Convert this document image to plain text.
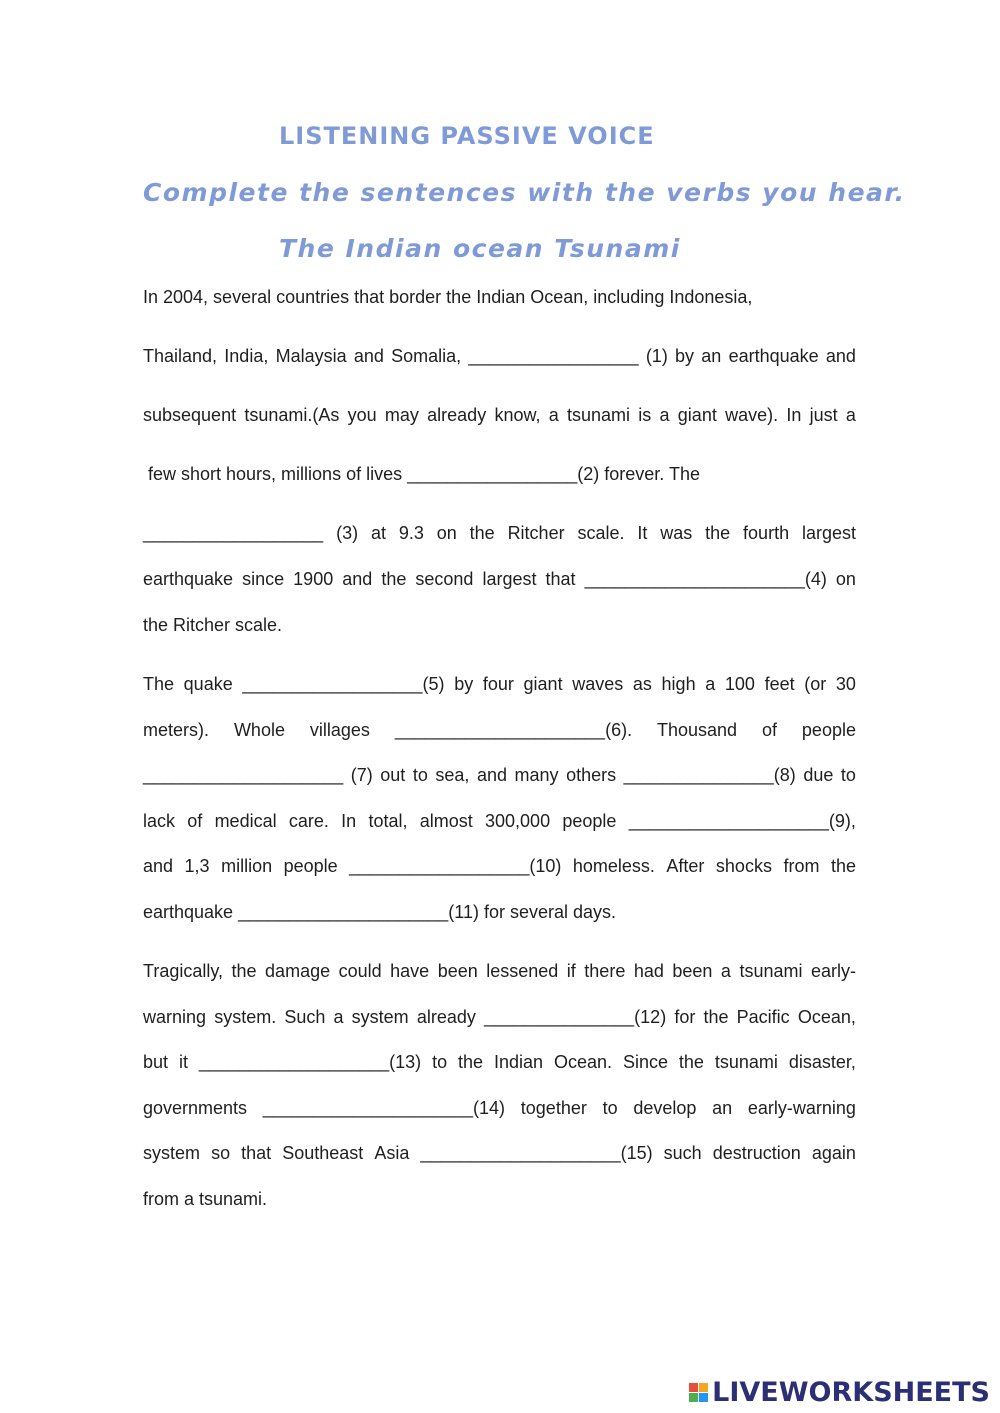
LISTENING PASSIVE VOICE
Complete the sentences with the verbs you hear.
The Indian ocean Tsunami
In 2004, several countries that border the Indian Ocean, including Indonesia,
Thailand, India, Malaysia and Somalia, _________________ (1) by an earthquake and
subsequent tsunami.(As you may already know, a tsunami is a giant wave). In just a
few short hours, millions of lives _________________(2) forever. The
__________________ (3) at 9.3 on the Ritcher scale. It was the fourth largest
earthquake since 1900 and the second largest that ______________________(4) on
the Ritcher scale.
The quake __________________(5) by four giant waves as high a 100 feet (or 30
meters). Whole villages _____________________(6). Thousand of people
____________________ (7) out to sea, and many others _______________(8) due to
lack of medical care. In total, almost 300,000 people ____________________(9),
and 1,3 million people __________________(10) homeless. After shocks from the
earthquake _____________________(11) for several days.
Tragically, the damage could have been lessened if there had been a tsunami early-
warning system. Such a system already _______________(12) for the Pacific Ocean,
but it ___________________(13) to the Indian Ocean. Since the tsunami disaster,
governments _____________________(14) together to develop an early-warning
system so that Southeast Asia ____________________(15) such destruction again
from a tsunami.
LIVEWORKSHEETS
